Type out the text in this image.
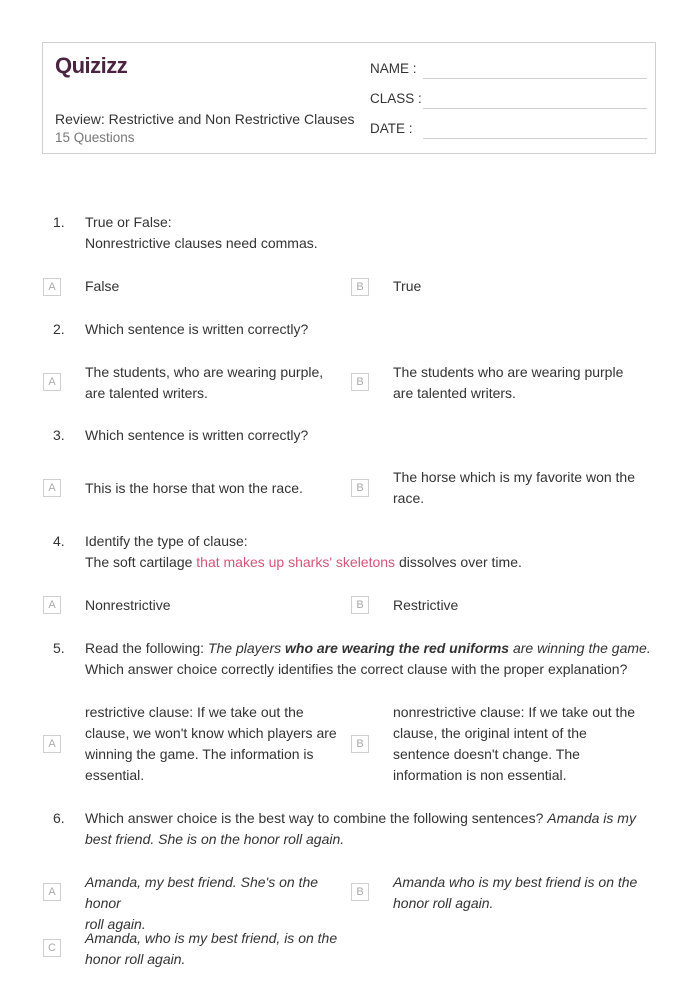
Quizizz
Review: Restrictive and Non Restrictive Clauses
15 Questions
NAME :
CLASS :
DATE :
1. True or False:
Nonrestrictive clauses need commas.
A	False	B	True
2. Which sentence is written correctly?
A
The students, who are wearing purple,
are talented writers.
B
The students who are wearing purple
are talented writers.
3. Which sentence is written correctly?
A	This is the horse that won the race.	B
The horse which is my favorite won the
race.
4. Identify the type of clause:
The soft cartilage that makes up sharks' skeletons dissolves over time.
A	Nonrestrictive	B	Restrictive
5. Read the following: The players who are wearing the red uniforms are winning the game.
Which answer choice correctly identifies the correct clause with the proper explanation?
A
restrictive clause: If we take out the
clause, we won't know which players are
winning the game. The information is
essential.
B
nonrestrictive clause: If we take out the
clause, the original intent of the
sentence doesn't change. The
information is non essential.
6. Which answer choice is the best way to combine the following sentences? Amanda is my
best friend. She is on the honor roll again.
A
Amanda, my best friend. She's on the honor
roll again.
B
Amanda who is my best friend is on the
honor roll again.
C
Amanda, who is my best friend, is on the
honor roll again.
